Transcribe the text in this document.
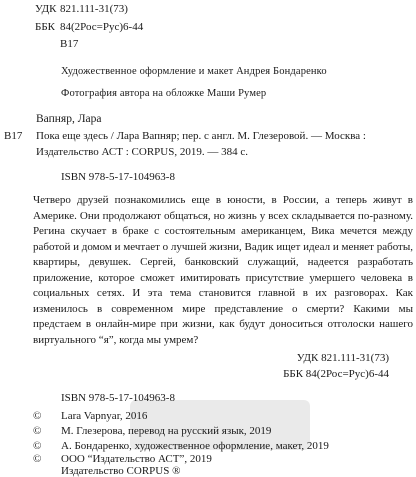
УДК 821.111-31(73)
ББК 84(2Рос=Рус)6-44
В17
Художественное оформление и макет Андрея Бондаренко
Фотография автора на обложке Маши Румер
Вапняр, Лара
В17 Пока еще здесь / Лара Вапняр; пер. с англ. М. Глезеровой. — Москва :
Издательство АСТ : CORPUS, 2019. — 384 с.
ISBN 978-5-17-104963-8
Четверо друзей познакомились еще в юности, в России, а теперь живут в Америке. Они продолжают общаться, но жизнь у всех складывается по-разному. Регина скучает в браке с состоятельным американцем, Вика мечется между работой и домом и мечтает о лучшей жизни, Вадик ищет идеал и меняет работы, квартиры, девушек. Сергей, банковский служащий, надеется разработать приложение, которое сможет имитировать присутствие умершего человека в социальных сетях. И эта тема становится главной в их разговорах. Как изменилось в современном мире представление о смерти? Какими мы предстаем в онлайн-мире при жизни, как будут доноситься отголоски нашего виртуального “я”, когда мы умрем?
УДК 821.111-31(73)
ББК 84(2Рос=Рус)6-44
ISBN 978-5-17-104963-8
© Lara Vapnyar, 2016
© М. Глезерова, перевод на русский язык, 2019
© А. Бондаренко, художественное оформление, макет, 2019
© ООО “Издательство АСТ”, 2019
Издательство CORPUS ®
